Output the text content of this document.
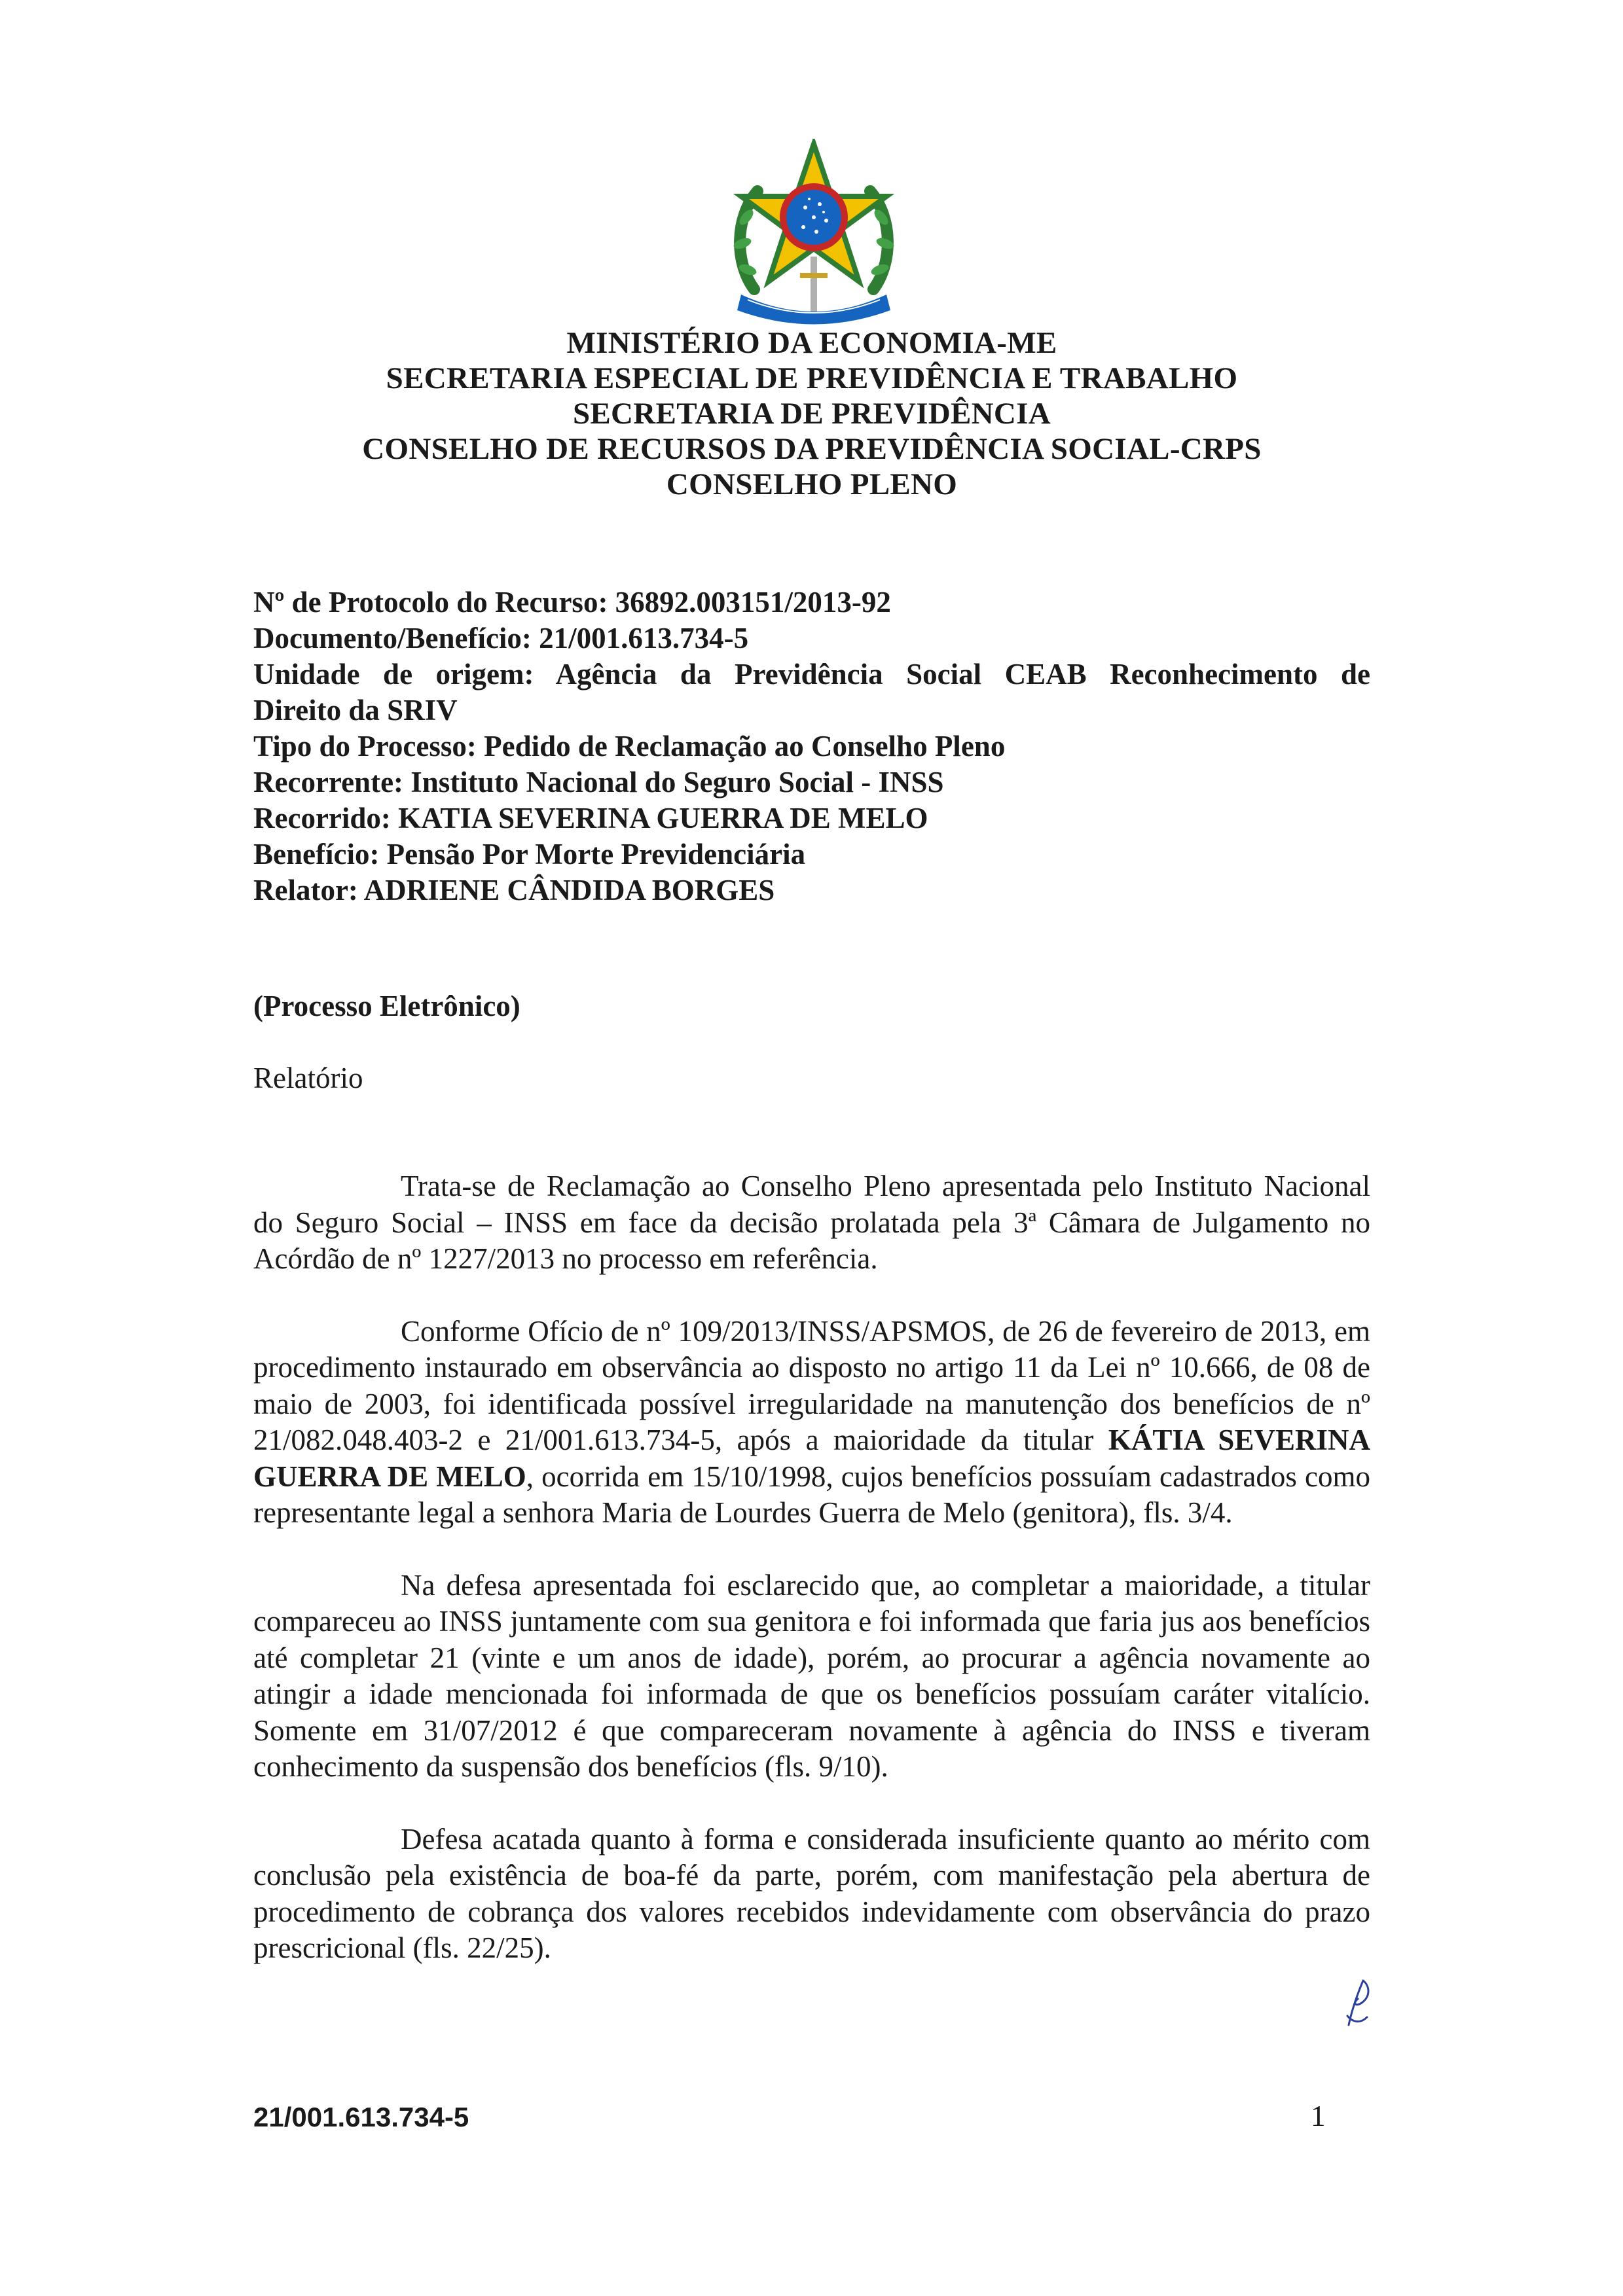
MINISTÉRIO DA ECONOMIA-ME
SECRETARIA ESPECIAL DE PREVIDÊNCIA E TRABALHO
SECRETARIA DE PREVIDÊNCIA
CONSELHO DE RECURSOS DA PREVIDÊNCIA SOCIAL-CRPS
CONSELHO PLENO
Nº de Protocolo do Recurso: 36892.003151/2013-92
Documento/Benefício: 21/001.613.734-5
Unidade de origem: Agência da Previdência Social CEAB Reconhecimento de
Direito da SRIV
Tipo do Processo: Pedido de Reclamação ao Conselho Pleno
Recorrente: Instituto Nacional do Seguro Social - INSS
Recorrido: KATIA SEVERINA GUERRA DE MELO
Benefício: Pensão Por Morte Previdenciária
Relator: ADRIENE CÂNDIDA BORGES
(Processo Eletrônico)
Relatório

Trata-se de Reclamação ao Conselho Pleno apresentada pelo Instituto Nacional do Seguro Social – INSS em face da decisão prolatada pela 3ª Câmara de Julgamento no Acórdão de nº 1227/2013 no processo em referência.

Conforme Ofício de nº 109/2013/INSS/APSMOS, de 26 de fevereiro de 2013, em procedimento instaurado em observância ao disposto no artigo 11 da Lei nº 10.666, de 08 de maio de 2003, foi identificada possível irregularidade na manutenção dos benefícios de nº 21/082.048.403-2 e 21/001.613.734-5, após a maioridade da titular KÁTIA SEVERINA GUERRA DE MELO, ocorrida em 15/10/1998, cujos benefícios possuíam cadastrados como representante legal a senhora Maria de Lourdes Guerra de Melo (genitora), fls. 3/4.

Na defesa apresentada foi esclarecido que, ao completar a maioridade, a titular compareceu ao INSS juntamente com sua genitora e foi informada que faria jus aos benefícios até completar 21 (vinte e um anos de idade), porém, ao procurar a agência novamente ao atingir a idade mencionada foi informada de que os benefícios possuíam caráter vitalício. Somente em 31/07/2012 é que compareceram novamente à agência do INSS e tiveram conhecimento da suspensão dos benefícios (fls. 9/10).

Defesa acatada quanto à forma e considerada insuficiente quanto ao mérito com conclusão pela existência de boa-fé da parte, porém, com manifestação pela abertura de procedimento de cobrança dos valores recebidos indevidamente com observância do prazo prescricional (fls. 22/25).

21/001.613.734-5	1
